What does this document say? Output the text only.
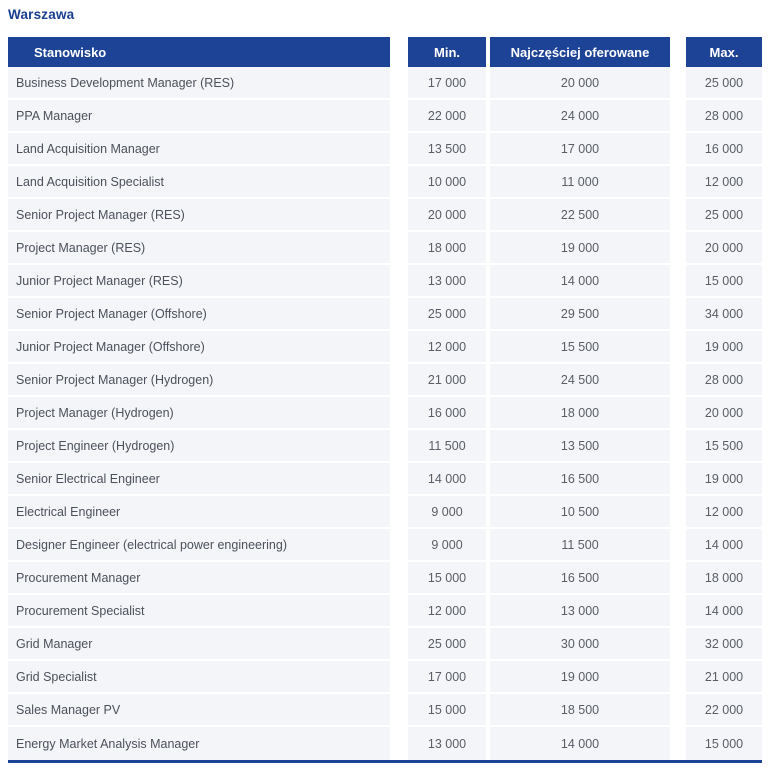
Warszawa
Stanowisko	Min.	Najczęściej oferowane	Max.
Business Development Manager (RES)	17 000	20 000	25 000
PPA Manager	22 000	24 000	28 000
Land Acquisition Manager	13 500	17 000	16 000
Land Acquisition Specialist	10 000	11 000	12 000
Senior Project Manager (RES)	20 000	22 500	25 000
Project Manager (RES)	18 000	19 000	20 000
Junior Project Manager (RES)	13 000	14 000	15 000
Senior Project Manager (Offshore)	25 000	29 500	34 000
Junior Project Manager (Offshore)	12 000	15 500	19 000
Senior Project Manager (Hydrogen)	21 000	24 500	28 000
Project Manager (Hydrogen)	16 000	18 000	20 000
Project Engineer (Hydrogen)	11 500	13 500	15 500
Senior Electrical Engineer	14 000	16 500	19 000
Electrical Engineer	9 000	10 500	12 000
Designer Engineer (electrical power engineering)	9 000	11 500	14 000
Procurement Manager	15 000	16 500	18 000
Procurement Specialist	12 000	13 000	14 000
Grid Manager	25 000	30 000	32 000
Grid Specialist	17 000	19 000	21 000
Sales Manager PV	15 000	18 500	22 000
Energy Market Analysis Manager	13 000	14 000	15 000
